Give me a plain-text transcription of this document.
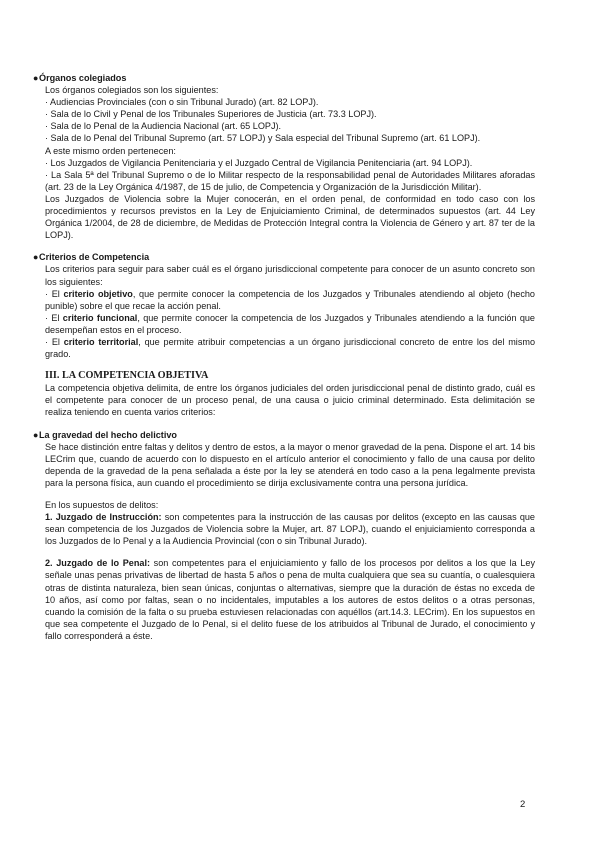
● Órganos colegiados
Los órganos colegiados son los siguientes:
· Audiencias Provinciales (con o sin Tribunal Jurado) (art. 82 LOPJ).
· Sala de lo Civil y Penal de los Tribunales Superiores de Justicia (art. 73.3 LOPJ).
· Sala de lo Penal de la Audiencia Nacional (art. 65 LOPJ).
· Sala de lo Penal del Tribunal Supremo (art. 57 LOPJ) y Sala especial del Tribunal Supremo (art. 61 LOPJ).
A este mismo orden pertenecen:
· Los Juzgados de Vigilancia Penitenciaria y el Juzgado Central de Vigilancia Penitenciaria (art. 94 LOPJ).
· La Sala 5ª del Tribunal Supremo o de lo Militar respecto de la responsabilidad penal de Autoridades Militares aforadas (art. 23 de la Ley Orgánica 4/1987, de 15 de julio, de Competencia y Organización de la Jurisdicción Militar).
Los Juzgados de Violencia sobre la Mujer conocerán, en el orden penal, de conformidad en todo caso con los procedimientos y recursos previstos en la Ley de Enjuiciamiento Criminal, de determinados supuestos (art. 44 Ley Orgánica 1/2004, de 28 de diciembre, de Medidas de Protección Integral contra la Violencia de Género y art. 87 ter de la LOPJ).
● Criterios de Competencia
Los criterios para seguir para saber cuál es el órgano jurisdiccional competente para conocer de un asunto concreto son los siguientes:
· El criterio objetivo, que permite conocer la competencia de los Juzgados y Tribunales atendiendo al objeto (hecho punible) sobre el que recae la acción penal.
· El criterio funcional, que permite conocer la competencia de los Juzgados y Tribunales atendiendo a la función que desempeñan estos en el proceso.
· El criterio territorial, que permite atribuir competencias a un órgano jurisdiccional concreto de entre los del mismo grado.
III. LA COMPETENCIA OBJETIVA
La competencia objetiva delimita, de entre los órganos judiciales del orden jurisdiccional penal de distinto grado, cuál es el competente para conocer de un proceso penal, de una causa o juicio criminal determinado. Esta delimitación se realiza teniendo en cuenta varios criterios:
● La gravedad del hecho delictivo
Se hace distinción entre faltas y delitos y dentro de estos, a la mayor o menor gravedad de la pena. Dispone el art. 14 bis LECrim que, cuando de acuerdo con lo dispuesto en el artículo anterior el conocimiento y fallo de una causa por delito dependa de la gravedad de la pena señalada a éste por la ley se atenderá en todo caso a la pena legalmente prevista para la persona física, aun cuando el procedimiento se dirija exclusivamente contra una persona jurídica.
En los supuestos de delitos:
1. Juzgado de Instrucción: son competentes para la instrucción de las causas por delitos (excepto en las causas que sean competencia de los Juzgados de Violencia sobre la Mujer, art. 87 LOPJ), cuando el enjuiciamiento corresponda a los Juzgados de lo Penal y a la Audiencia Provincial (con o sin Tribunal Jurado).
2. Juzgado de lo Penal: son competentes para el enjuiciamiento y fallo de los procesos por delitos a los que la Ley señale unas penas privativas de libertad de hasta 5 años o pena de multa cualquiera que sea su cuantía, o cualesquiera otras de distinta naturaleza, bien sean únicas, conjuntas o alternativas, siempre que la duración de éstas no exceda de 10 años, así como por faltas, sean o no incidentales, imputables a los autores de estos delitos o a otras personas, cuando la comisión de la falta o su prueba estuviesen relacionadas con aquéllos (art.14.3. LECrim). En los supuestos en que sea competente el Juzgado de lo Penal, si el delito fuese de los atribuidos al Tribunal de Jurado, el conocimiento y fallo corresponderá a éste.
2
